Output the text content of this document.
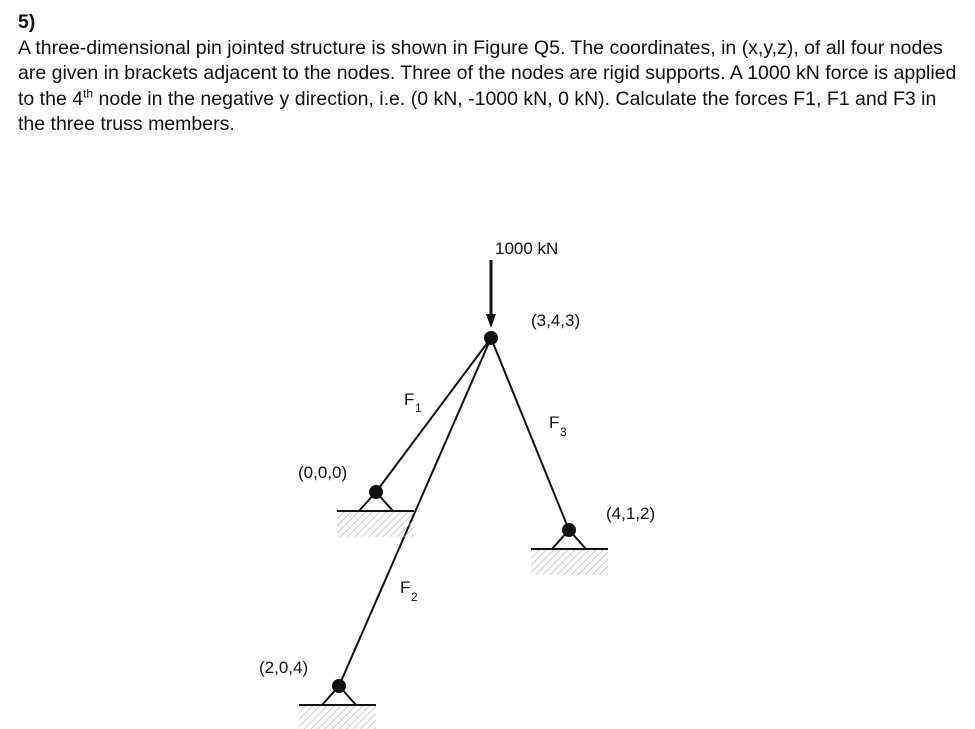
5)
A three-dimensional pin jointed structure is shown in Figure Q5. The coordinates, in (x,y,z), of all four nodes are given in brackets adjacent to the nodes. Three of the nodes are rigid supports. A 1000 kN force is applied to the 4th node in the negative y direction, i.e. (0 kN, -1000 kN, 0 kN). Calculate the forces F1, F1 and F3 in the three truss members.
1000 kN
(3,4,3)
(0,0,0)
(4,1,2)
(2,0,4)
F 1
F 2
F 3
